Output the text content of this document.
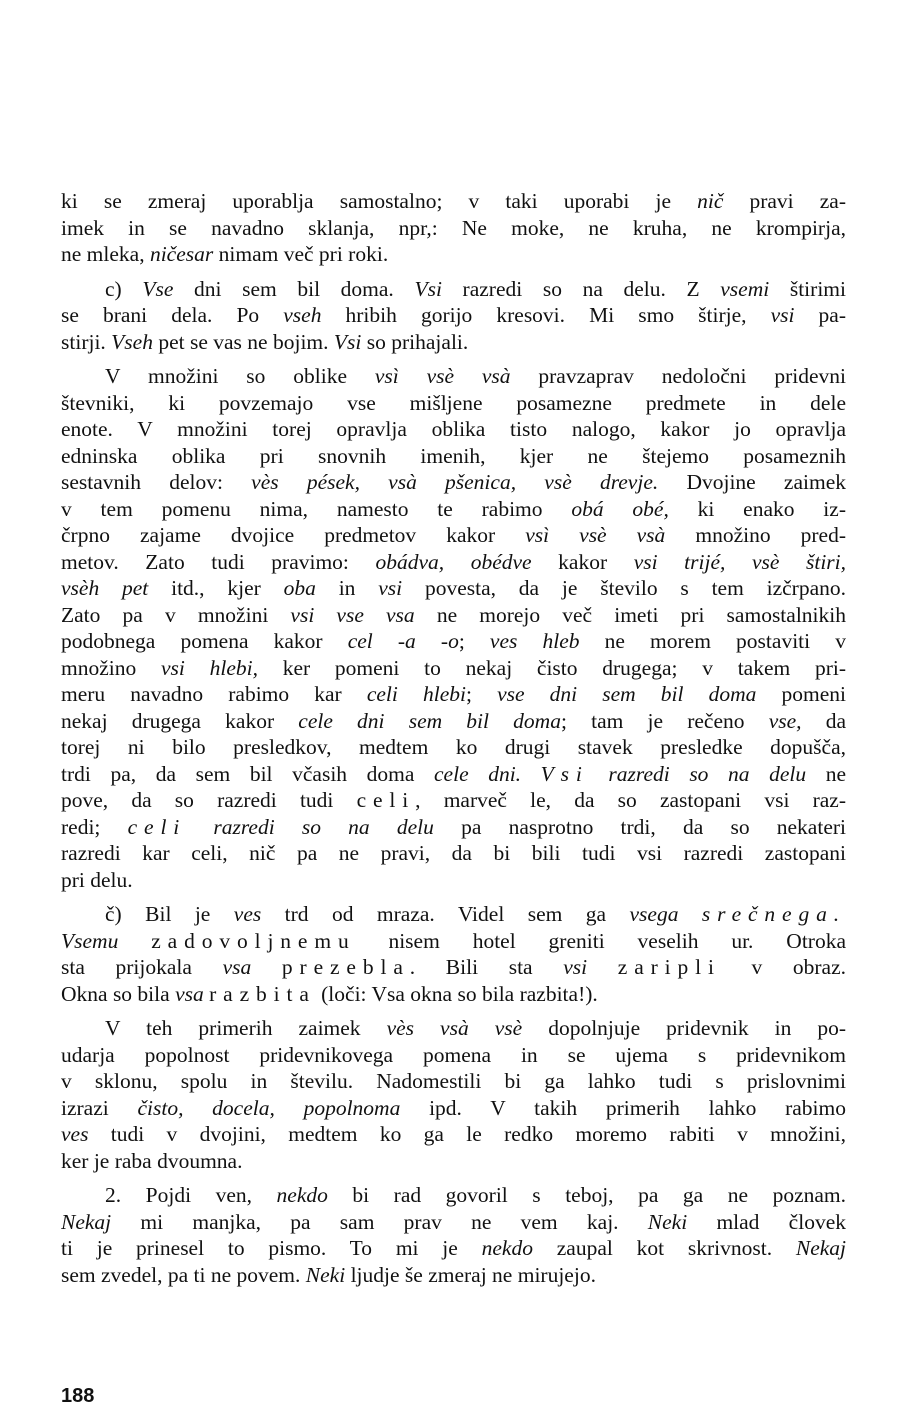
ki se zmeraj uporablja samostalno; v taki uporabi je nič pravi za-
imek in se navadno sklanja, npr,: Ne moke, ne kruha, ne krompirja,
ne mleka, ničesar nimam več pri roki.
c) Vse dni sem bil doma. Vsi razredi so na delu. Z vsemi štirimi
se brani dela. Po vseh hribih gorijo kresovi. Mi smo štirje, vsi pa-
stirji. Vseh pet se vas ne bojim. Vsi so prihajali.
V množini so oblike vsì vsè vsà pravzaprav nedoločni pridevni
števniki, ki povzemajo vse mišljene posamezne predmete in dele
enote. V množini torej opravlja oblika tisto nalogo, kakor jo opravlja
edninska oblika pri snovnih imenih, kjer ne štejemo posameznih
sestavnih delov: vès pések, vsà pšenica, vsè drevje. Dvojine zaimek
v tem pomenu nima, namesto te rabimo obá obé, ki enako iz-
črpno zajame dvojice predmetov kakor vsì vsè vsà množino pred-
metov. Zato tudi pravimo: obádva, obédve kakor vsi trijé, vsè štiri,
vsèh pet itd., kjer oba in vsi povesta, da je število s tem izčrpano.
Zato pa v množini vsi vse vsa ne morejo več imeti pri samostalnikih
podobnega pomena kakor cel -a -o; ves hleb ne morem postaviti v
množino vsi hlebi, ker pomeni to nekaj čisto drugega; v takem pri-
meru navadno rabimo kar celi hlebi; vse dni sem bil doma pomeni
nekaj drugega kakor cele dni sem bil doma; tam je rečeno vse, da
torej ni bilo presledkov, medtem ko drugi stavek presledke dopušča,
trdi pa, da sem bil včasih doma cele dni. Vsi razredi so na delu ne
pove, da so razredi tudi celi, marveč le, da so zastopani vsi raz-
redi; celi razredi so na delu pa nasprotno trdi, da so nekateri
razredi kar celi, nič pa ne pravi, da bi bili tudi vsi razredi zastopani
pri delu.
č) Bil je ves trd od mraza. Videl sem ga vsega srečnega.
Vsemu zadovoljnemu nisem hotel greniti veselih ur. Otroka
sta prijokala vsa prezebla. Bili sta vsi zaripli v obraz.
Okna so bila vsa razbita (loči: Vsa okna so bila razbita!).
V teh primerih zaimek vès vsà vsè dopolnjuje pridevnik in po-
udarja popolnost pridevnikovega pomena in se ujema s pridevnikom
v sklonu, spolu in številu. Nadomestili bi ga lahko tudi s prislovnimi
izrazi čisto, docela, popolnoma ipd. V takih primerih lahko rabimo
ves tudi v dvojini, medtem ko ga le redko moremo rabiti v množini,
ker je raba dvoumna.
2. Pojdi ven, nekdo bi rad govoril s teboj, pa ga ne poznam.
Nekaj mi manjka, pa sam prav ne vem kaj. Neki mlad človek
ti je prinesel to pismo. To mi je nekdo zaupal kot skrivnost. Nekaj
sem zvedel, pa ti ne povem. Neki ljudje še zmeraj ne mirujejo.
188
